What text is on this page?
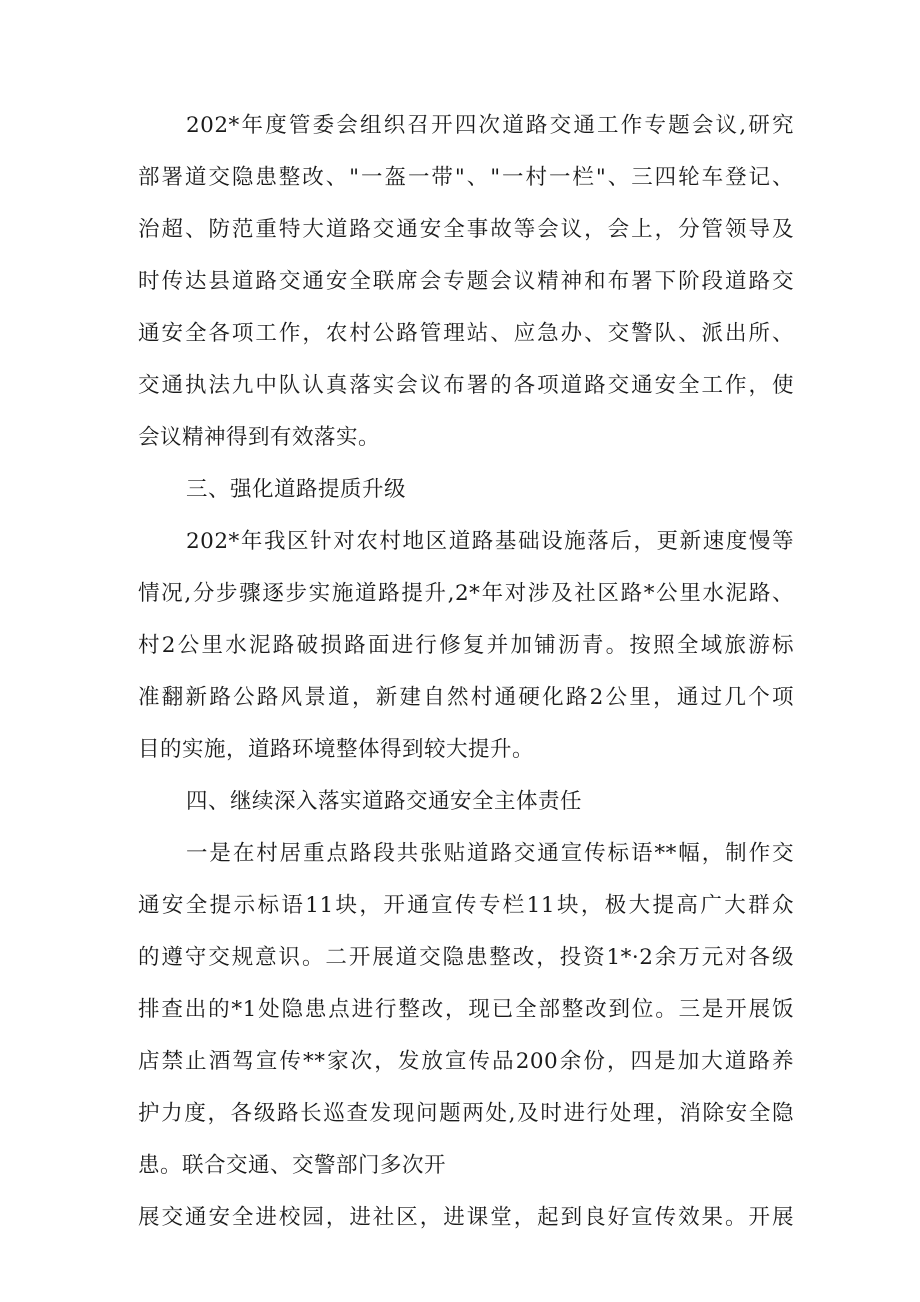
202*年度管委会组织召开四次道路交通工作专题会议,研究
部署道交隐患整改、"一盔一带"、"一村一栏"、三四轮车登记、
治超、防范重特大道路交通安全事故等会议，会上，分管领导及
时传达县道路交通安全联席会专题会议精神和布署下阶段道路交
通安全各项工作，农村公路管理站、应急办、交警队、派出所、
交通执法九中队认真落实会议布署的各项道路交通安全工作，使
会议精神得到有效落实。
三、强化道路提质升级
202*年我区针对农村地区道路基础设施落后，更新速度慢等
情况,分步骤逐步实施道路提升,2*年对涉及社区路*公里水泥路、
村2公里水泥路破损路面进行修复并加铺沥青。按照全域旅游标
准翻新路公路风景道，新建自然村通硬化路2公里，通过几个项
目的实施，道路环境整体得到较大提升。
四、继续深入落实道路交通安全主体责任
一是在村居重点路段共张贴道路交通宣传标语**幅，制作交
通安全提示标语11块，开通宣传专栏11块，极大提高广大群众
的遵守交规意识。二开展道交隐患整改，投资1*·2余万元对各级
排查出的*1处隐患点进行整改，现已全部整改到位。三是开展饭
店禁止酒驾宣传**家次，发放宣传品200余份，四是加大道路养
护力度，各级路长巡查发现问题两处,及时进行处理，消除安全隐
患。联合交通、交警部门多次开
展交通安全进校园，进社区，进课堂，起到良好宣传效果。开展
